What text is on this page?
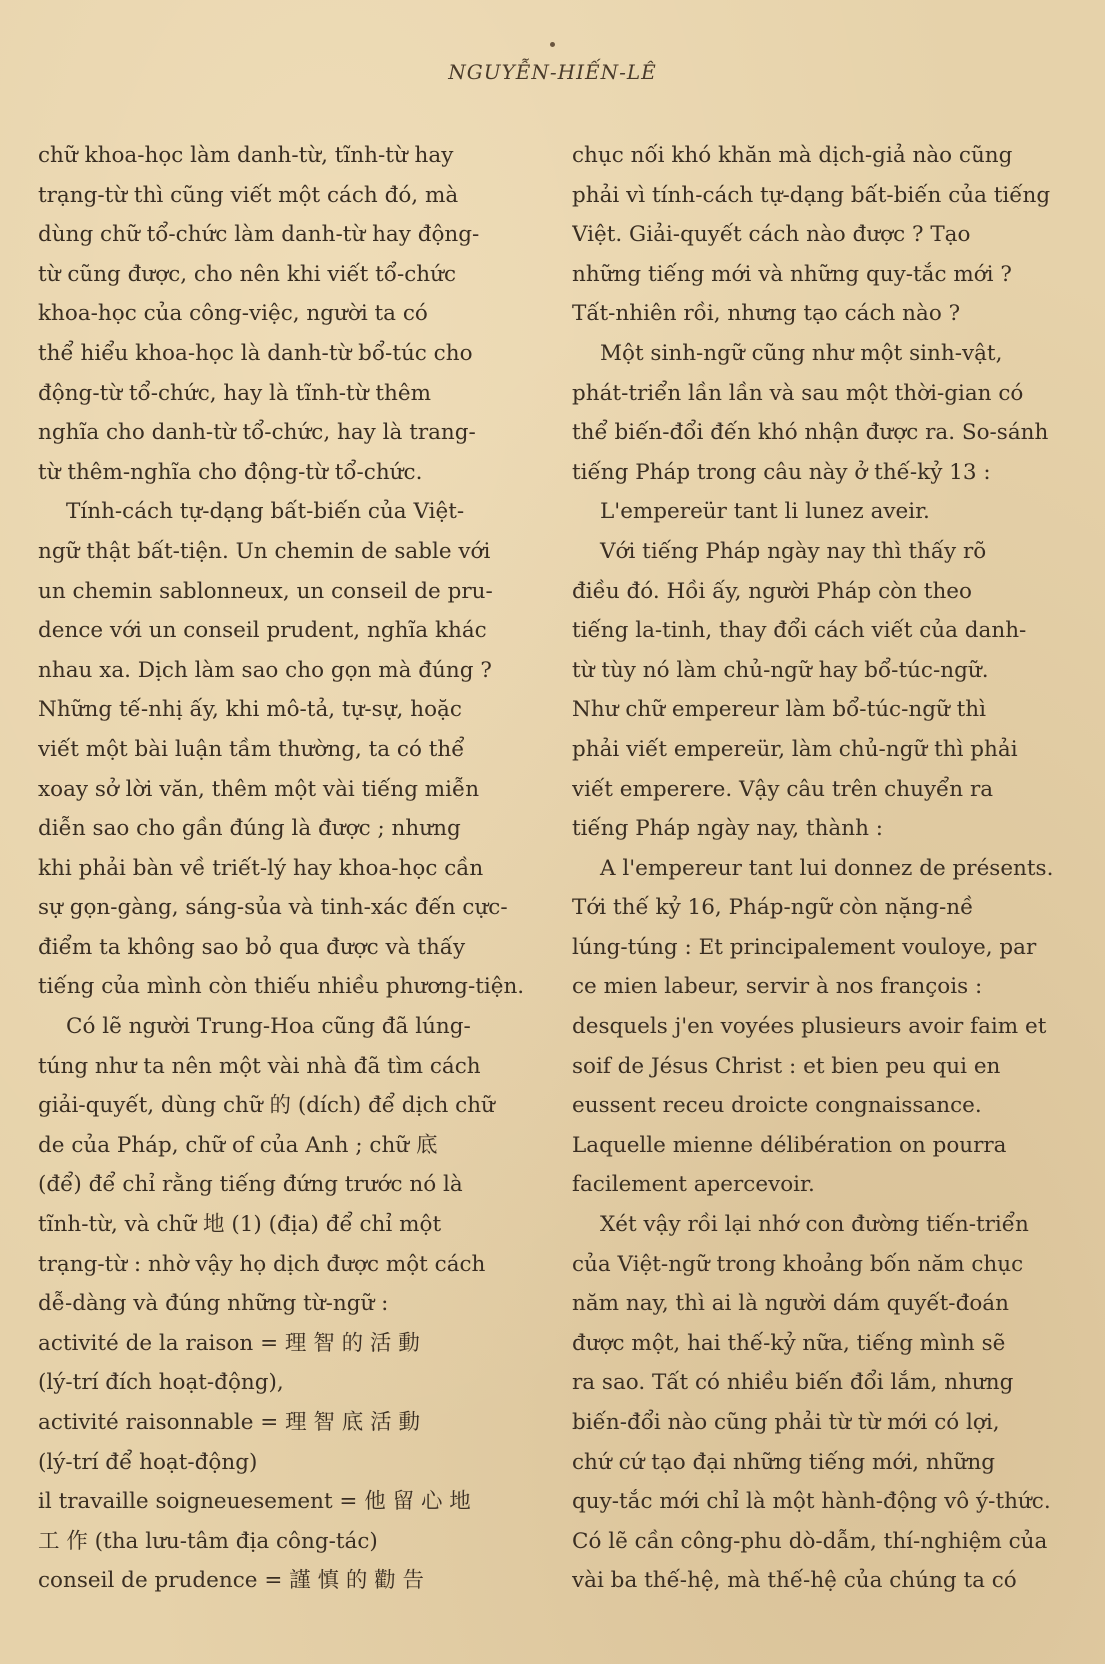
NGUYỄN-HIẾN-LÊ
chữ khoa-học làm danh-từ, tĩnh-từ hay
trạng-từ thì cũng viết một cách đó, mà
dùng chữ tổ-chức làm danh-từ hay động-
từ cũng được, cho nên khi viết tổ-chức
khoa-học của công-việc, người ta có
thể hiểu khoa-học là danh-từ bổ-túc cho
động-từ tổ-chức, hay là tĩnh-từ thêm
nghĩa cho danh-từ tổ-chức, hay là trang-
từ thêm-nghĩa cho động-từ tổ-chức.
Tính-cách tự-dạng bất-biến của Việt-
ngữ thật bất-tiện. Un chemin de sable với
un chemin sablonneux, un conseil de pru-
dence với un conseil prudent, nghĩa khác
nhau xa. Dịch làm sao cho gọn mà đúng ?
Những tế-nhị ấy, khi mô-tả, tự-sự, hoặc
viết một bài luận tầm thường, ta có thể
xoay sở lời văn, thêm một vài tiếng miễn
diễn sao cho gần đúng là được ; nhưng
khi phải bàn về triết-lý hay khoa-học cần
sự gọn-gàng, sáng-sủa và tinh-xác đến cực-
điểm ta không sao bỏ qua được và thấy
tiếng của mình còn thiếu nhiều phương-tiện.
Có lẽ người Trung-Hoa cũng đã lúng-
túng như ta nên một vài nhà đã tìm cách
giải-quyết, dùng chữ 的 (dích) để dịch chữ
de của Pháp, chữ of của Anh ; chữ 底
(để) để chỉ rằng tiếng đứng trước nó là
tĩnh-từ, và chữ 地 (1) (địa) để chỉ một
trạng-từ : nhờ vậy họ dịch được một cách
dễ-dàng và đúng những từ-ngữ :
activité de la raison = 理 智 的 活 動
(lý-trí đích hoạt-động),
activité raisonnable = 理 智 底 活 動
(lý-trí để hoạt-động)
il travaille soigneuesement = 他 留 心 地
工 作 (tha lưu-tâm địa công-tác)
conseil de prudence = 謹 慎 的 勸 告
chục nối khó khăn mà dịch-giả nào cũng
phải vì tính-cách tự-dạng bất-biến của tiếng
Việt. Giải-quyết cách nào được ? Tạo
những tiếng mới và những quy-tắc mới ?
Tất-nhiên rồi, nhưng tạo cách nào ?
Một sinh-ngữ cũng như một sinh-vật,
phát-triển lần lần và sau một thời-gian có
thể biến-đổi đến khó nhận được ra. So-sánh
tiếng Pháp trong câu này ở thế-kỷ 13 :
L'empereür tant li lunez aveir.
Với tiếng Pháp ngày nay thì thấy rõ
điều đó. Hồi ấy, người Pháp còn theo
tiếng la-tinh, thay đổi cách viết của danh-
từ tùy nó làm chủ-ngữ hay bổ-túc-ngữ.
Như chữ empereur làm bổ-túc-ngữ thì
phải viết empereür, làm chủ-ngữ thì phải
viết emperere. Vậy câu trên chuyển ra
tiếng Pháp ngày nay, thành :
A l'empereur tant lui donnez de présents.
Tới thế kỷ 16, Pháp-ngữ còn nặng-nề
lúng-túng : Et principalement vouloye, par
ce mien labeur, servir à nos françois :
desquels j'en voyées plusieurs avoir faim et
soif de Jésus Christ : et bien peu qui en
eussent receu droicte congnaissance.
Laquelle mienne délibération on pourra
facilement apercevoir.
Xét vậy rồi lại nhớ con đường tiến-triển
của Việt-ngữ trong khoảng bốn năm chục
năm nay, thì ai là người dám quyết-đoán
được một, hai thế-kỷ nữa, tiếng mình sẽ
ra sao. Tất có nhiều biến đổi lắm, nhưng
biến-đổi nào cũng phải từ từ mới có lợi,
chứ cứ tạo đại những tiếng mới, những
quy-tắc mới chỉ là một hành-động vô ý-thức.
Có lẽ cần công-phu dò-dẫm, thí-nghiệm của
vài ba thế-hệ, mà thế-hệ của chúng ta có
